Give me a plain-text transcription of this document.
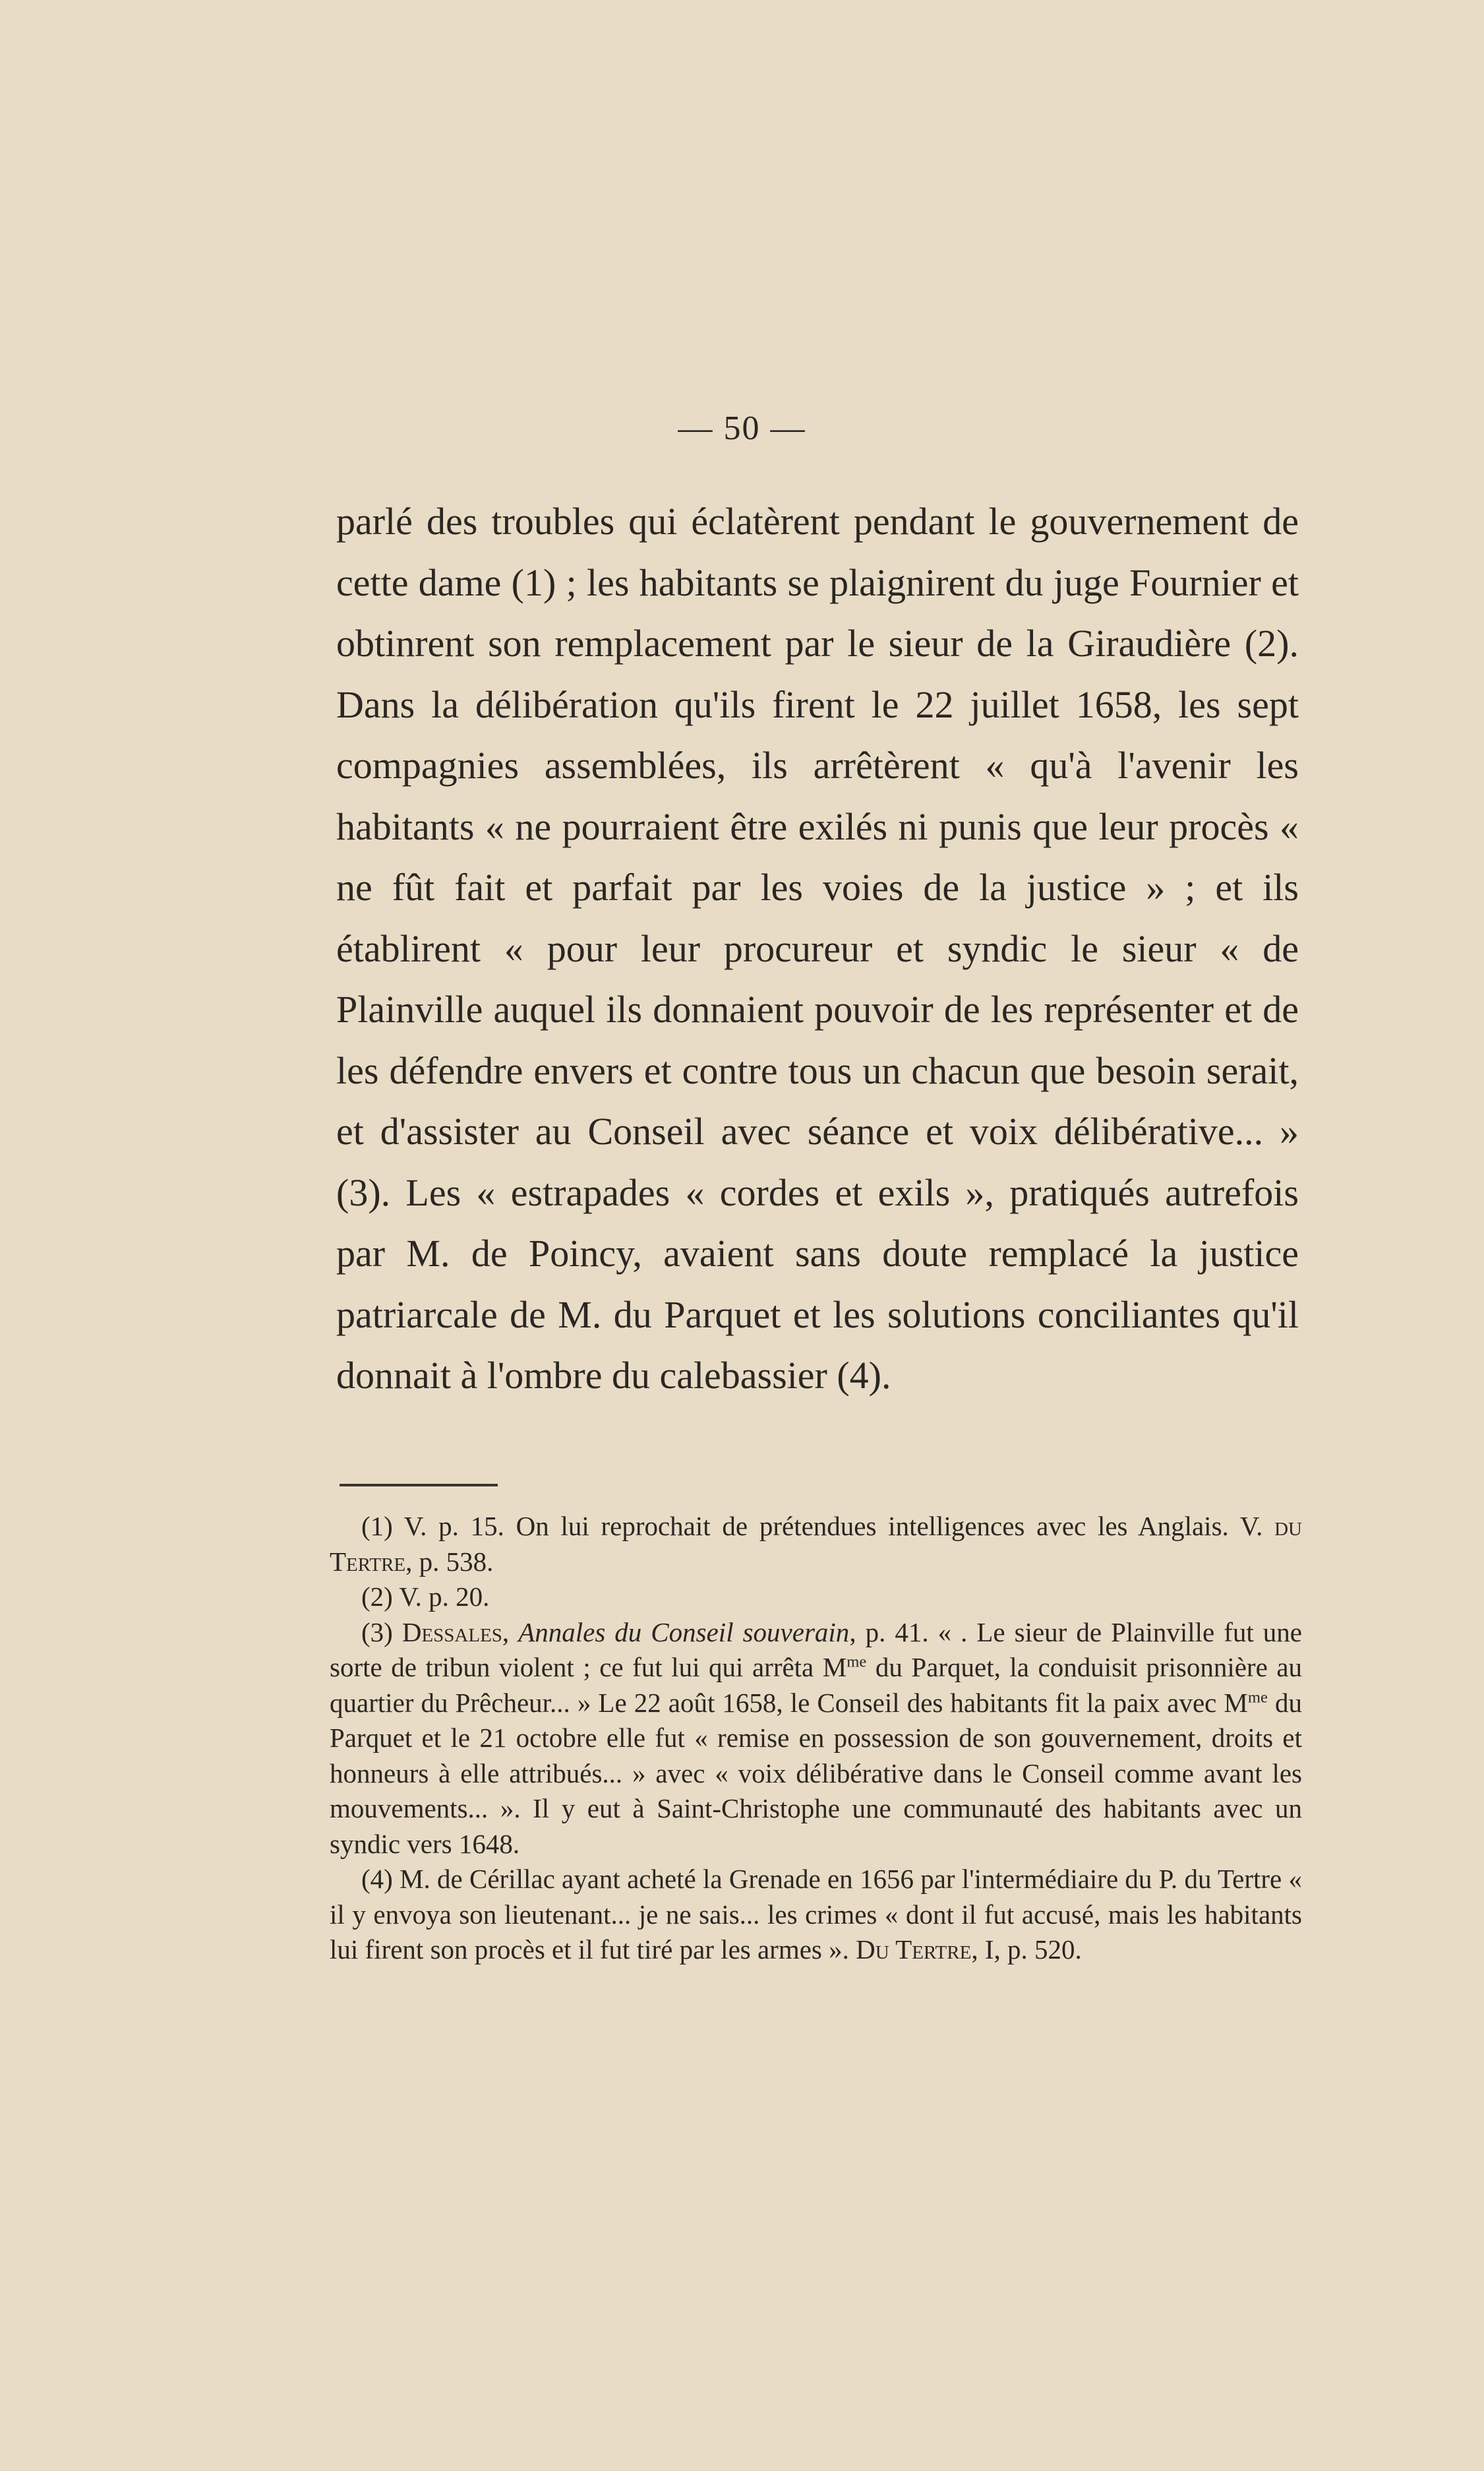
— 50 —

parlé des troubles qui éclatèrent pendant le gouvernement de cette dame (1) ; les habitants se plaignirent du juge Fournier et obtinrent son remplacement par le sieur de la Giraudière (2). Dans la délibération qu'ils firent le 22 juillet 1658, les sept compagnies assemblées, ils arrêtèrent « qu'à l'avenir les habitants « ne pourraient être exilés ni punis que leur procès « ne fût fait et parfait par les voies de la justice » ; et ils établirent « pour leur procureur et syndic le sieur « de Plainville auquel ils donnaient pouvoir de les représenter et de les défendre envers et contre tous un chacun que besoin serait, et d'assister au Conseil avec séance et voix délibérative... » (3). Les « estrapades « cordes et exils », pratiqués autrefois par M. de Poincy, avaient sans doute remplacé la justice patriarcale de M. du Parquet et les solutions conciliantes qu'il donnait à l'ombre du calebassier (4).

(1) V. p. 15. On lui reprochait de prétendues intelligences avec les Anglais. V. du Tertre, p. 538.

(2) V. p. 20.

(3) Dessales, Annales du Conseil souverain, p. 41. « . Le sieur de Plainville fut une sorte de tribun violent ; ce fut lui qui arrêta $M^{me}$ du Parquet, la conduisit prisonnière au quartier du Prêcheur... » Le 22 août 1658, le Conseil des habitants fit la paix avec $M^{me}$ du Parquet et le 21 octobre elle fut « remise en possession de son gouvernement, droits et honneurs à elle attribués... » avec « voix délibérative dans le Conseil comme avant les mouvements... ». Il y eut à Saint-Christophe une communauté des habitants avec un syndic vers 1648.

(4) M. de Cérillac ayant acheté la Grenade en 1656 par l'intermédiaire du P. du Tertre « il y envoya son lieutenant... je ne sais... les crimes « dont il fut accusé, mais les habitants lui firent son procès et il fut tiré par les armes ». Du Tertre, I, p. 520.
